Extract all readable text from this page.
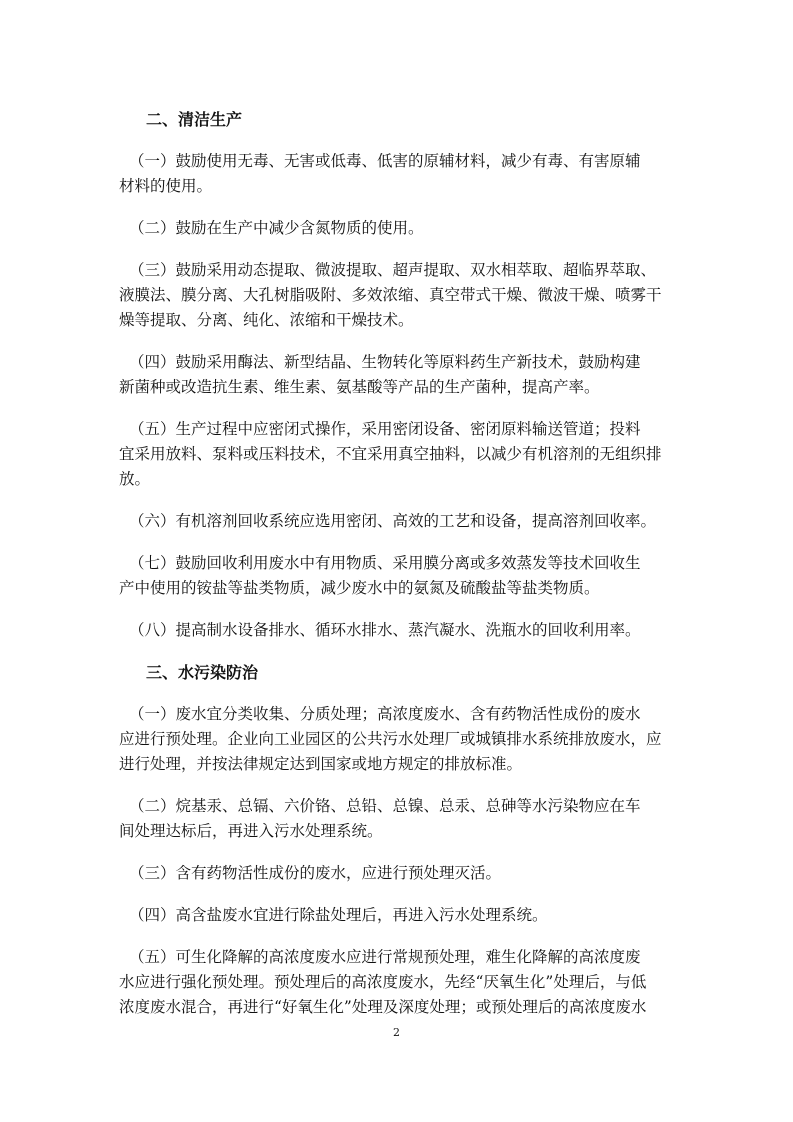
二、清洁生产
（一）鼓励使用无毒、无害或低毒、低害的原辅材料，减少有毒、有害原辅
材料的使用。
（二）鼓励在生产中减少含氮物质的使用。
（三）鼓励采用动态提取、微波提取、超声提取、双水相萃取、超临界萃取、
液膜法、膜分离、大孔树脂吸附、多效浓缩、真空带式干燥、微波干燥、喷雾干
燥等提取、分离、纯化、浓缩和干燥技术。
（四）鼓励采用酶法、新型结晶、生物转化等原料药生产新技术，鼓励构建
新菌种或改造抗生素、维生素、氨基酸等产品的生产菌种，提高产率。
（五）生产过程中应密闭式操作，采用密闭设备、密闭原料输送管道；投料
宜采用放料、泵料或压料技术，不宜采用真空抽料，以减少有机溶剂的无组织排
放。
（六）有机溶剂回收系统应选用密闭、高效的工艺和设备，提高溶剂回收率。
（七）鼓励回收利用废水中有用物质、采用膜分离或多效蒸发等技术回收生
产中使用的铵盐等盐类物质，减少废水中的氨氮及硫酸盐等盐类物质。
（八）提高制水设备排水、循环水排水、蒸汽凝水、洗瓶水的回收利用率。
三、水污染防治
（一）废水宜分类收集、分质处理；高浓度废水、含有药物活性成份的废水
应进行预处理。企业向工业园区的公共污水处理厂或城镇排水系统排放废水，应
进行处理，并按法律规定达到国家或地方规定的排放标准。
（二）烷基汞、总镉、六价铬、总铅、总镍、总汞、总砷等水污染物应在车
间处理达标后，再进入污水处理系统。
（三）含有药物活性成份的废水，应进行预处理灭活。
（四）高含盐废水宜进行除盐处理后，再进入污水处理系统。
（五）可生化降解的高浓度废水应进行常规预处理，难生化降解的高浓度废
水应进行强化预处理。预处理后的高浓度废水，先经“厌氧生化”处理后，与低
浓度废水混合，再进行“好氧生化”处理及深度处理；或预处理后的高浓度废水
2
